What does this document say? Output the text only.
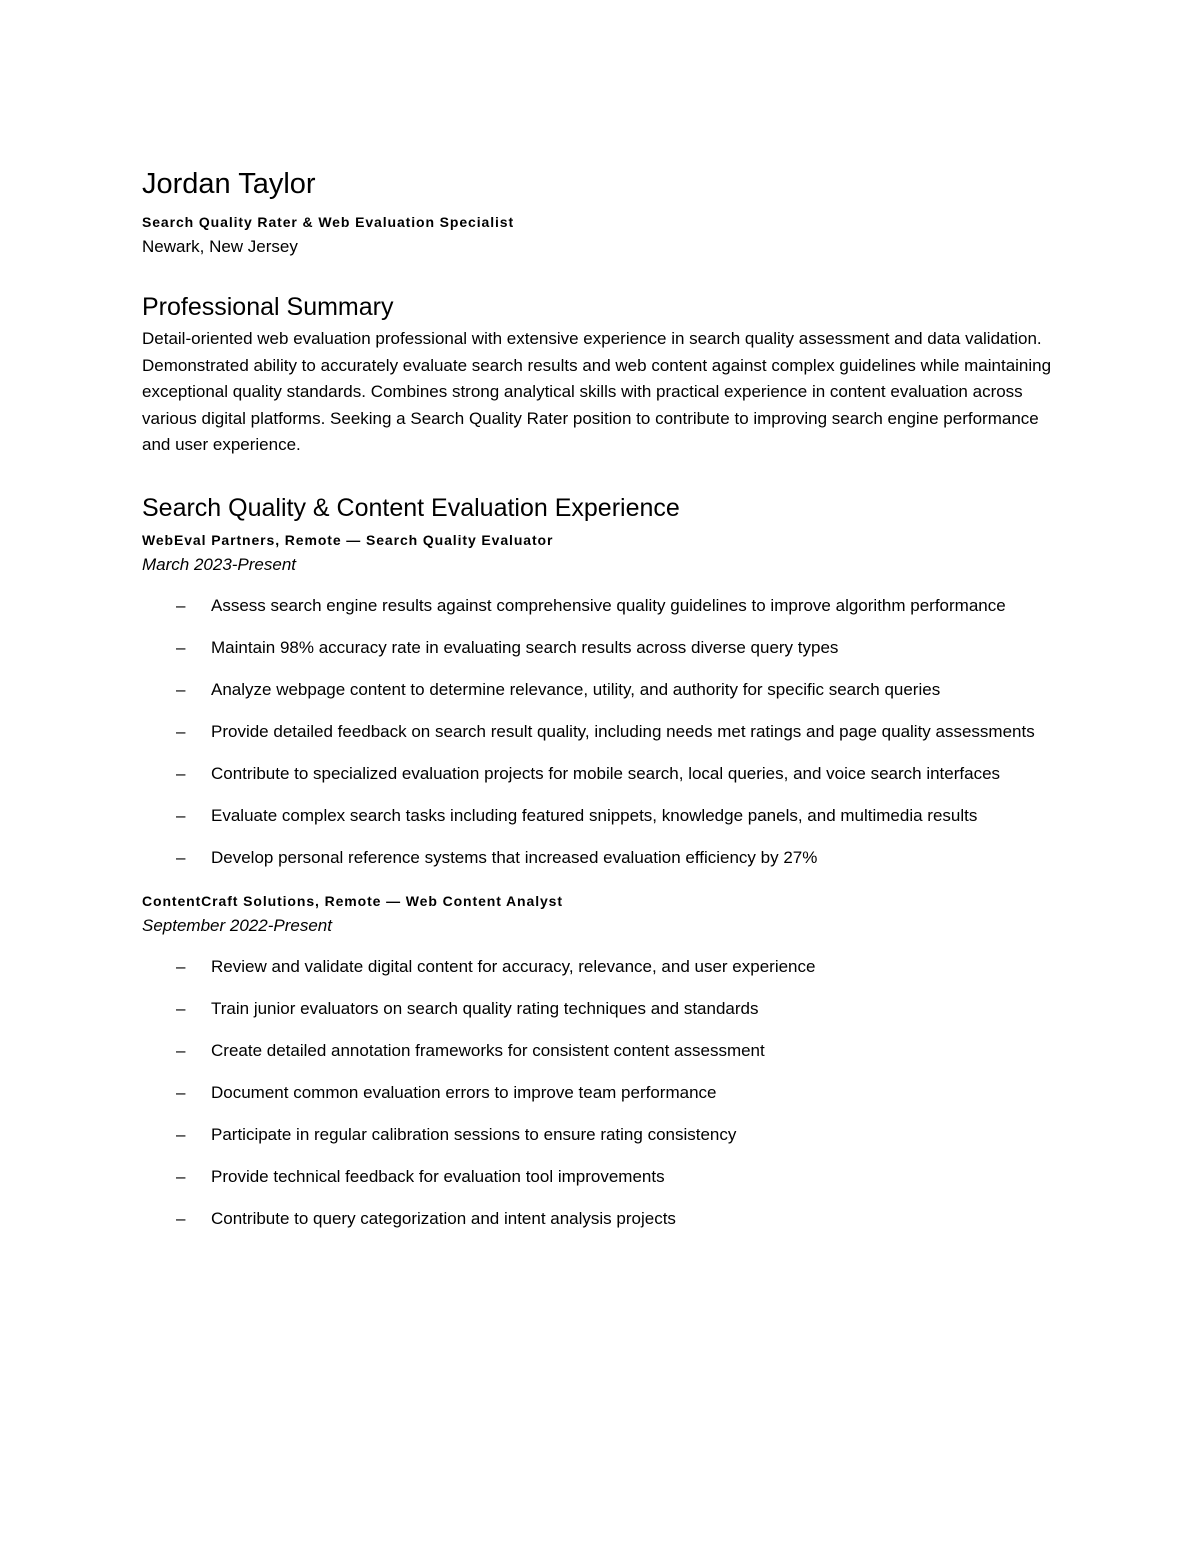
Jordan Taylor
Search Quality Rater & Web Evaluation Specialist
Newark, New Jersey
Professional Summary

Detail-oriented web evaluation professional with extensive experience in search quality assessment and data validation. Demonstrated ability to accurately evaluate search results and web content against complex guidelines while maintaining exceptional quality standards. Combines strong analytical skills with practical experience in content evaluation across various digital platforms. Seeking a Search Quality Rater position to contribute to improving search engine performance and user experience.

Search Quality & Content Evaluation Experience
WebEval Partners, Remote — Search Quality Evaluator
March 2023-Present
– Assess search engine results against comprehensive quality guidelines to improve algorithm performance
– Maintain 98% accuracy rate in evaluating search results across diverse query types
– Analyze webpage content to determine relevance, utility, and authority for specific search queries
– Provide detailed feedback on search result quality, including needs met ratings and page quality assessments
– Contribute to specialized evaluation projects for mobile search, local queries, and voice search interfaces
– Evaluate complex search tasks including featured snippets, knowledge panels, and multimedia results
– Develop personal reference systems that increased evaluation efficiency by 27%
ContentCraft Solutions, Remote — Web Content Analyst
September 2022-Present
– Review and validate digital content for accuracy, relevance, and user experience
– Train junior evaluators on search quality rating techniques and standards
– Create detailed annotation frameworks for consistent content assessment
– Document common evaluation errors to improve team performance
– Participate in regular calibration sessions to ensure rating consistency
– Provide technical feedback for evaluation tool improvements
– Contribute to query categorization and intent analysis projects
